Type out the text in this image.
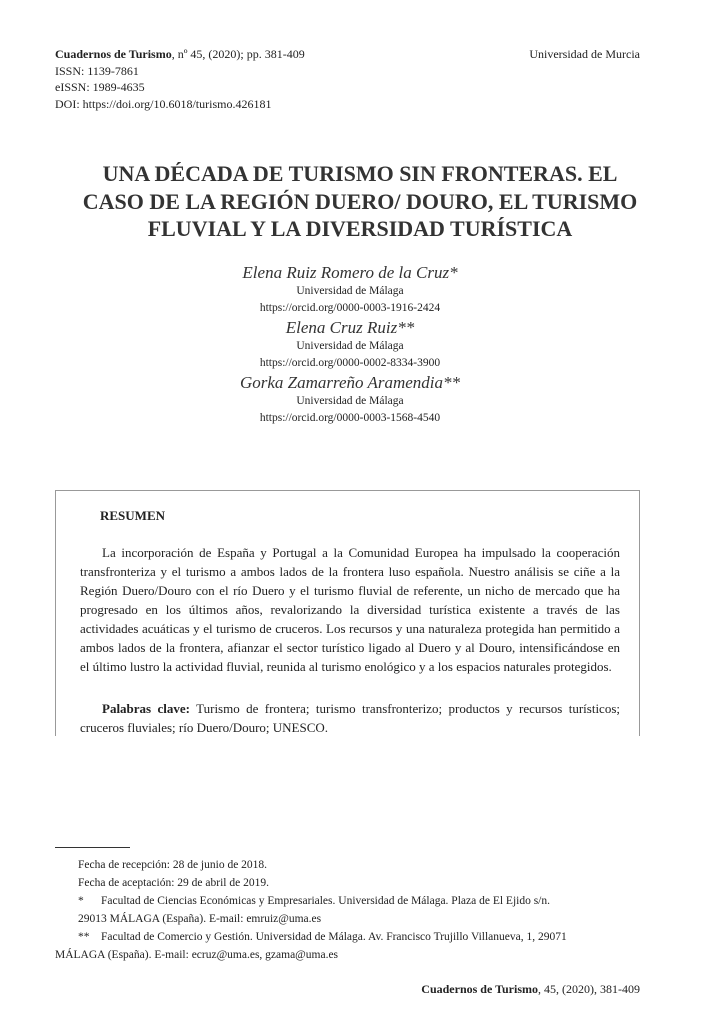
Cuadernos de Turismo, nº 45, (2020); pp. 381-409
ISSN: 1139-7861
eISSN: 1989-4635
DOI: https://doi.org/10.6018/turismo.426181
Universidad de Murcia
UNA DÉCADA DE TURISMO SIN FRONTERAS. EL
CASO DE LA REGIÓN DUERO/ DOURO, EL TURISMO
FLUVIAL Y LA DIVERSIDAD TURÍSTICA
Elena Ruiz Romero de la Cruz*
Universidad de Málaga
https://orcid.org/0000-0003-1916-2424
Elena Cruz Ruiz**
Universidad de Málaga
https://orcid.org/0000-0002-8334-3900
Gorka Zamarreño Aramendia**
Universidad de Málaga
https://orcid.org/0000-0003-1568-4540
RESUMEN
La incorporación de España y Portugal a la Comunidad Europea ha impulsado la cooperación transfronteriza y el turismo a ambos lados de la frontera luso española. Nuestro análisis se ciñe a la Región Duero/Douro con el río Duero y el turismo fluvial de referente, un nicho de mercado que ha progresado en los últimos años, revalorizando la diversidad turística existente a través de las actividades acuáticas y el turismo de cruceros. Los recursos y una naturaleza protegida han permitido a ambos lados de la frontera, afianzar el sector turístico ligado al Duero y al Douro, intensificándose en el último lustro la actividad fluvial, reunida al turismo enológico y a los espacios naturales protegidos.
Palabras clave: Turismo de frontera; turismo transfronterizo; productos y recursos turísticos; cruceros fluviales; río Duero/Douro; UNESCO.
Fecha de recepción: 28 de junio de 2018.
Fecha de aceptación: 29 de abril de 2019.
* Facultad de Ciencias Económicas y Empresariales. Universidad de Málaga. Plaza de El Ejido s/n.
29013 MÁLAGA (España). E-mail: emruiz@uma.es
** Facultad de Comercio y Gestión. Universidad de Málaga. Av. Francisco Trujillo Villanueva, 1, 29071
MÁLAGA (España). E-mail: ecruz@uma.es, gzama@uma.es
Cuadernos de Turismo, 45, (2020), 381-409
